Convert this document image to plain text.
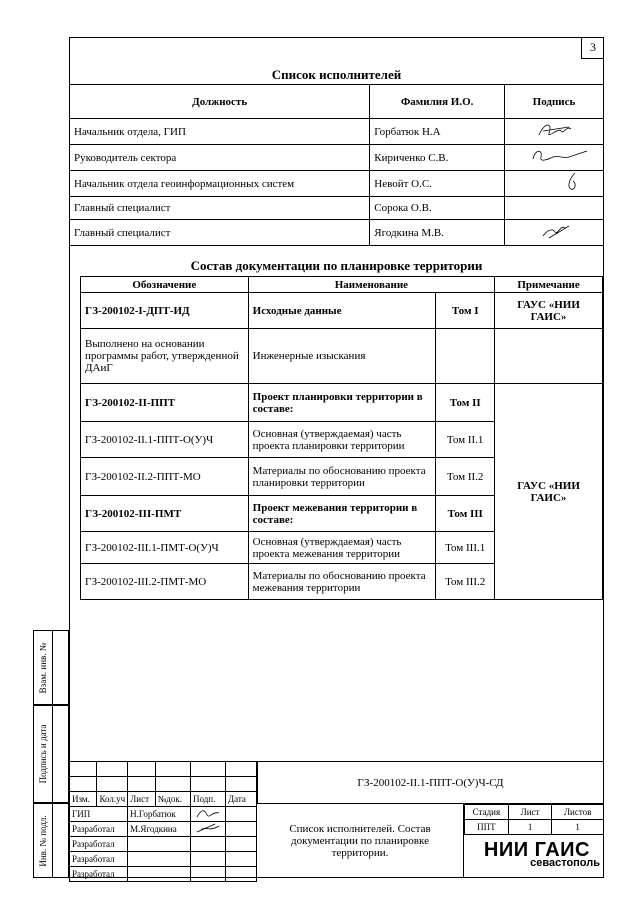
3
Список исполнителей
Должность	Фамилия И.О.	Подпись
Начальник отдела, ГИП	Горбатюк Н.А	
Руководитель сектора	Кириченко С.В.	
Начальник отдела геоинформационных систем	Невойт О.С.	
Главный специалист	Сорока О.В.	
Главный специалист	Ягодкина М.В.	
Состав документации по планировке территории
Обозначение	Наименование		Примечание
ГЗ-200102-I-ДПТ-ИД	Исходные данные	Том I	ГАУС «НИИ ГАИС»
Выполнено на основании программы работ, утвержденной ДАиГ	Инженерные изыскания		
ГЗ-200102-II-ППТ	Проект планировки территории в составе:	Том II	ГАУС «НИИ ГАИС»
ГЗ-200102-II.1-ППТ-О(У)Ч	Основная (утверждаемая) часть проекта планировки территории	Том II.1	
ГЗ-200102-II.2-ППТ-МО	Материалы по обоснованию проекта планировки территории	Том II.2	
ГЗ-200102-III-ПМТ	Проект межевания территории в составе:	Том III	
ГЗ-200102-III.1-ПМТ-О(У)Ч	Основная (утверждаемая) часть проекта межевания территории	Том III.1	
ГЗ-200102-III.2-ПМТ-МО	Материалы по обоснованию проекта межевания территории	Том III.2	
Взам. инв. №
Подпись и дата
Инв. № подл.

Изм.	Кол.уч	Лист	№док.	Подп.	Дата
ГИП		Н.Горбатюк		
Разработал		М.Ягодкина		
Разработал					
Разработал					
Разработал					
ГЗ-200102-II.1-ППТ-О(У)Ч-СД
Список исполнителей. Состав документации по планировке территории.
Стадия	Лист	Листов
ППТ	1	1
НИИ ГАИС
севастополь
